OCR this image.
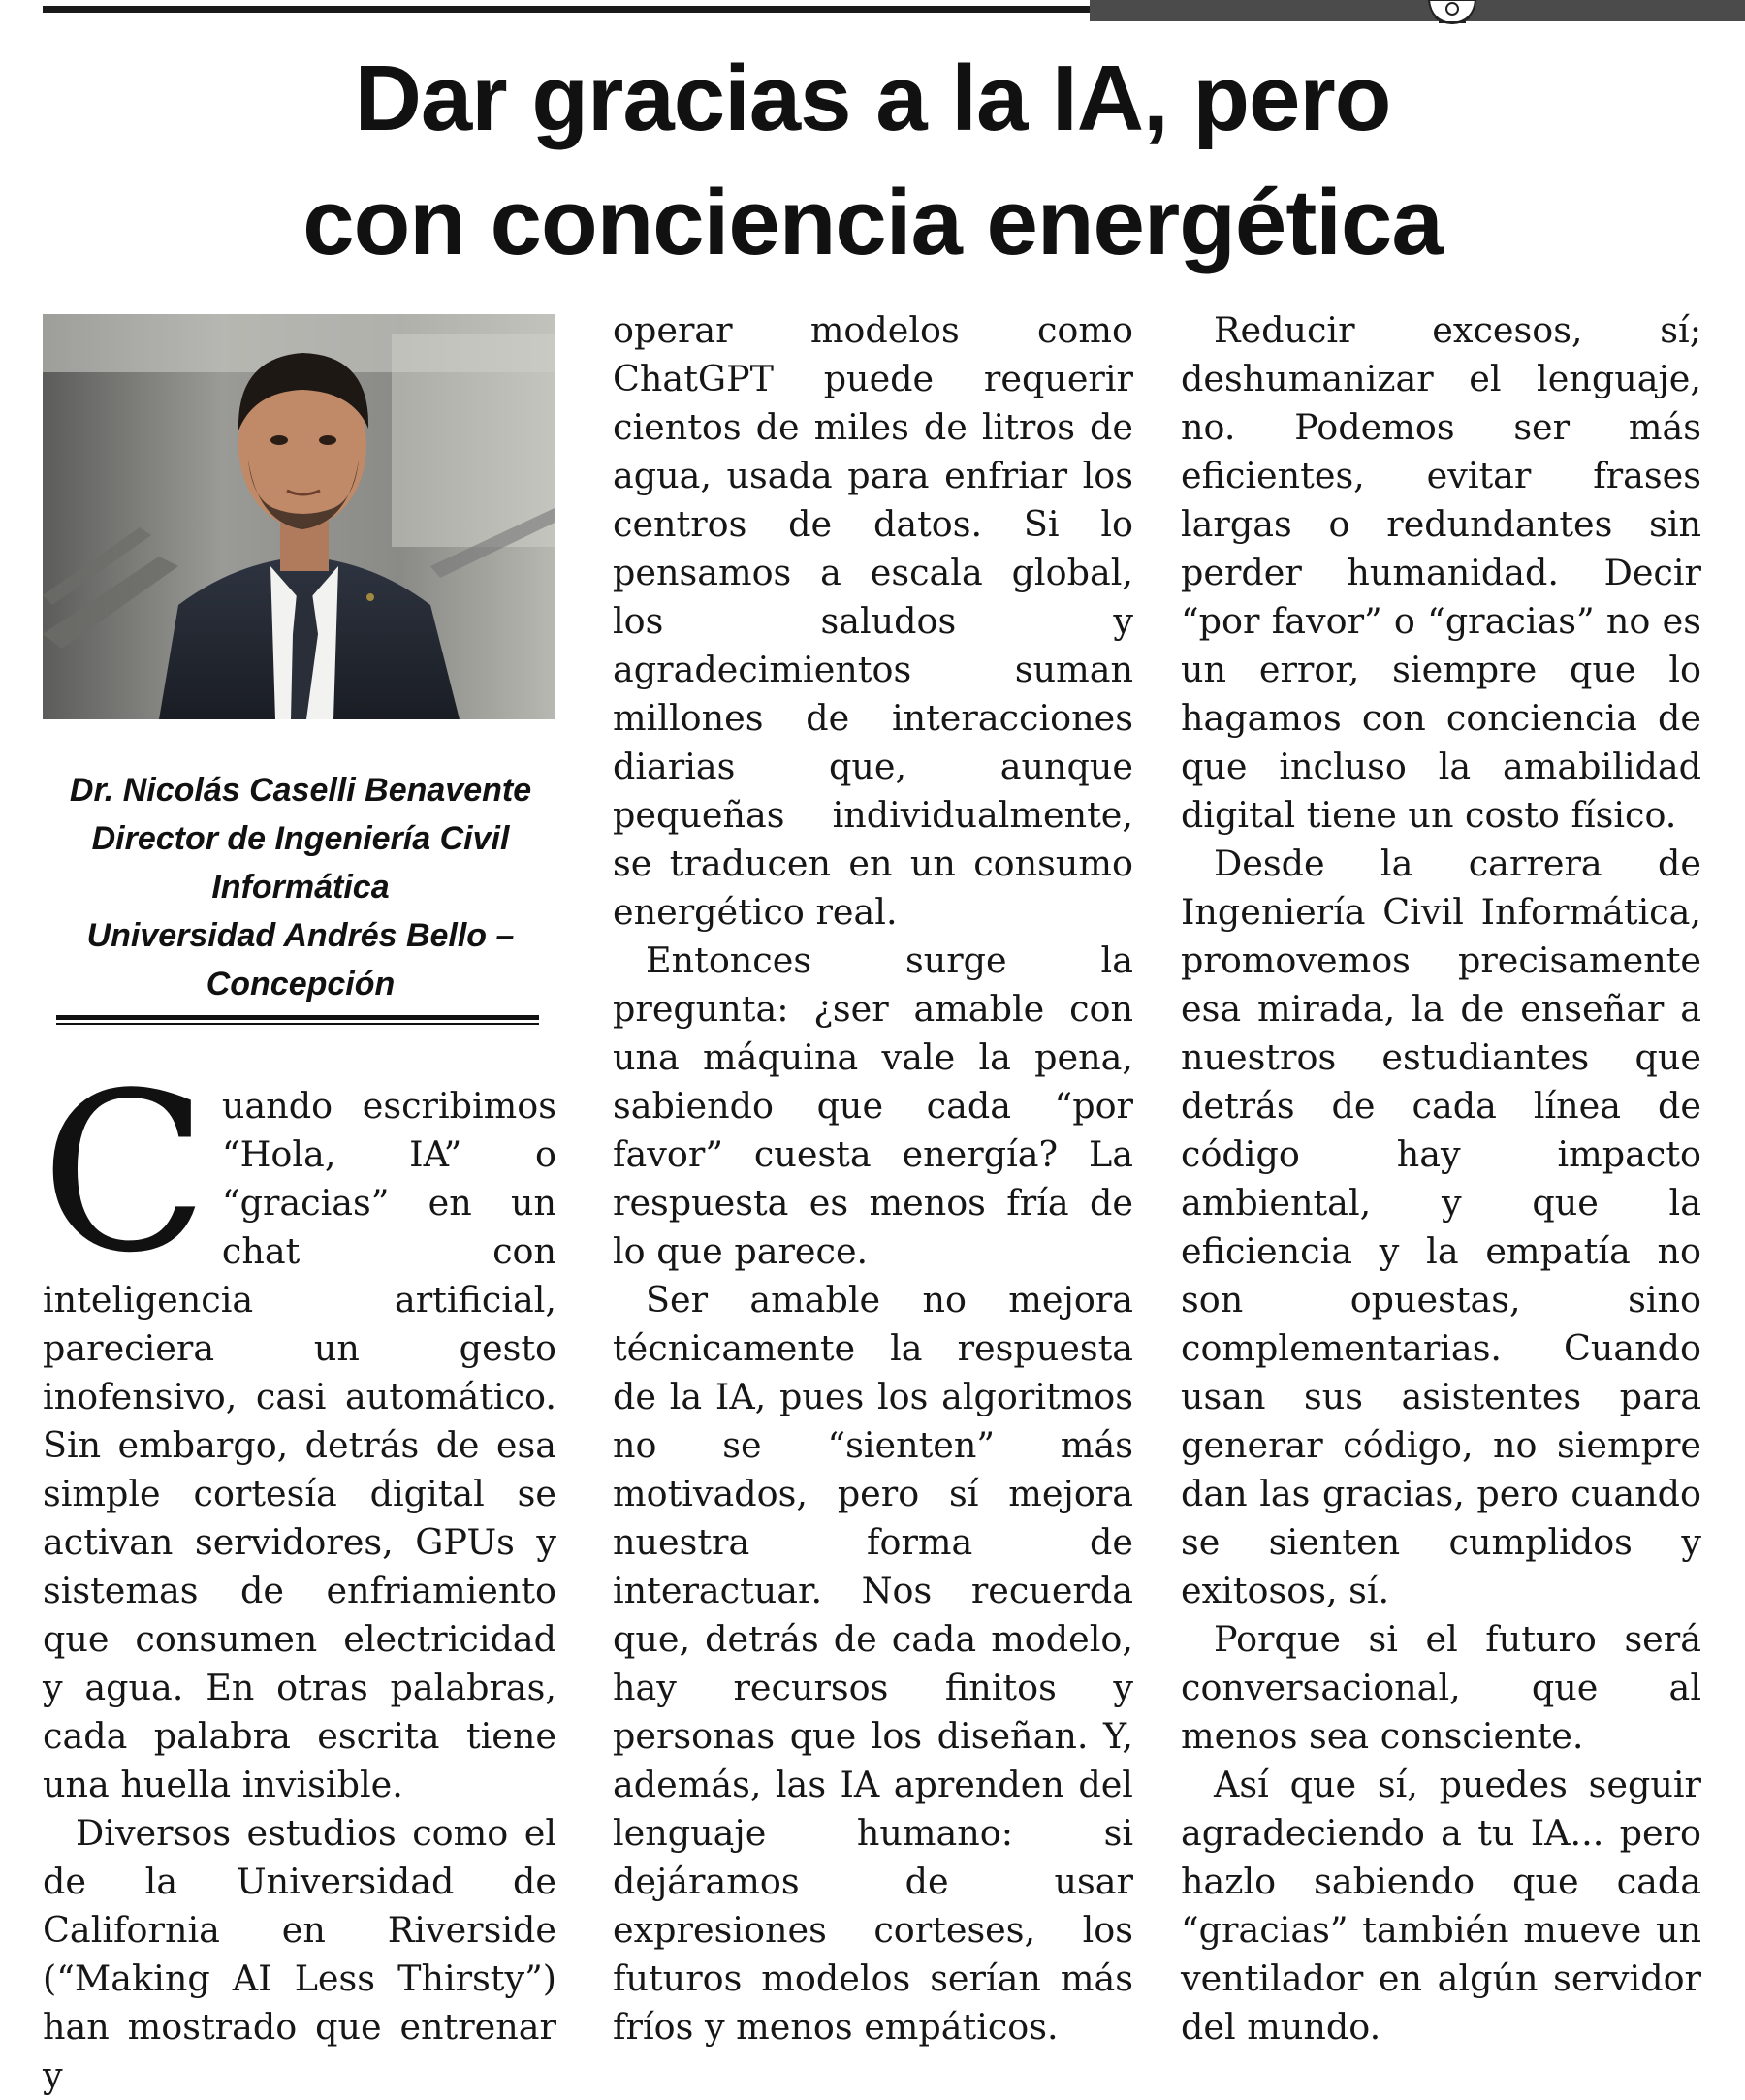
Dar gracias a la IA, pero
con conciencia energética
Dr. Nicolás Caselli Benavente
Director de Ingeniería Civil
Informática
Universidad Andrés Bello –
Concepción

Cuando escribimos “Hola, IA” o “gracias” en un chat con inteligencia artificial, pareciera un gesto inofensivo, casi automático. Sin embargo, detrás de esa simple cortesía digital se activan servidores, GPUs y sistemas de enfriamiento que consumen electricidad y agua. En otras palabras, cada palabra escrita tiene una huella invisible.

Diversos estudios como el de la Universidad de California en Riverside (“Making AI Less Thirsty”) han mostrado que entrenar y

operar modelos como ChatGPT puede requerir cientos de miles de litros de agua, usada para enfriar los centros de datos. Si lo pensamos a escala global, los saludos y agradecimientos suman millones de interacciones diarias que, aunque pequeñas individualmente, se traducen en un consumo energético real.

Entonces surge la pregunta: ¿ser amable con una máquina vale la pena, sabiendo que cada “por favor” cuesta energía? La respuesta es menos fría de lo que parece.

Ser amable no mejora técnicamente la respuesta de la IA, pues los algoritmos no se “sienten” más motivados, pero sí mejora nuestra forma de interactuar. Nos recuerda que, detrás de cada modelo, hay recursos finitos y personas que los diseñan. Y, además, las IA aprenden del lenguaje humano: si dejáramos de usar expresiones corteses, los futuros modelos serían más fríos y menos empáticos.

Reducir excesos, sí; deshumanizar el lenguaje, no. Podemos ser más eficientes, evitar frases largas o redundantes sin perder humanidad. Decir “por favor” o “gracias” no es un error, siempre que lo hagamos con conciencia de que incluso la amabilidad digital tiene un costo físico.

Desde la carrera de Ingeniería Civil Informática, promovemos precisamente esa mirada, la de enseñar a nuestros estudiantes que detrás de cada línea de código hay impacto ambiental, y que la eficiencia y la empatía no son opuestas, sino complementarias. Cuando usan sus asistentes para generar código, no siempre dan las gracias, pero cuando se sienten cumplidos y exitosos, sí.

Porque si el futuro será conversacional, que al menos sea consciente.

Así que sí, puedes seguir agradeciendo a tu IA... pero hazlo sabiendo que cada “gracias” también mueve un ventilador en algún servidor del mundo.
